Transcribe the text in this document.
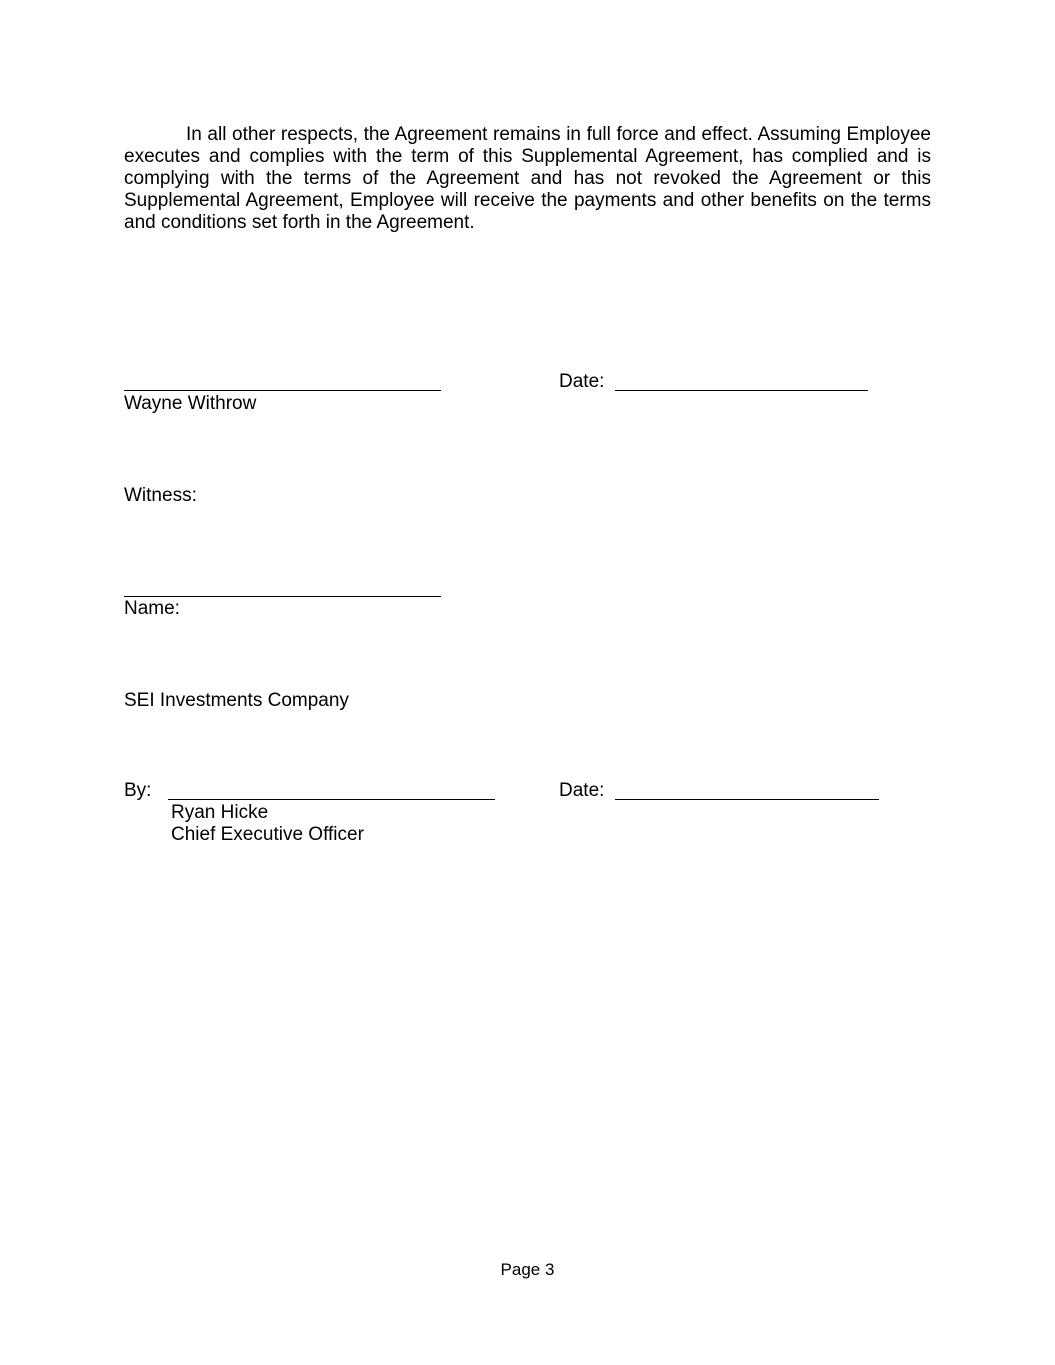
In all other respects, the Agreement remains in full force and effect. Assuming Employee executes and complies with the term of this Supplemental Agreement, has complied and is complying with the terms of the Agreement and has not revoked the Agreement or this Supplemental Agreement, Employee will receive the payments and other benefits on the terms and conditions set forth in the Agreement.

Date:
Wayne Withrow
Witness:
Name:
SEI Investments Company
By:	Date:
Ryan Hicke
Chief Executive Officer
Page 3
